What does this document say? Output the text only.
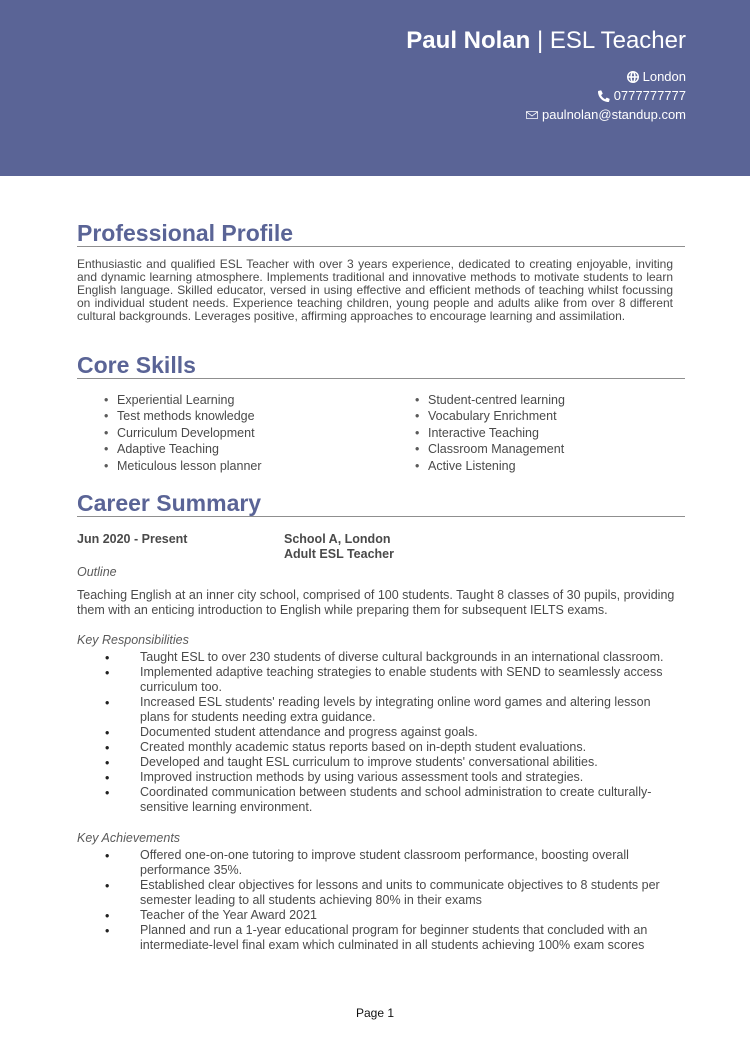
Paul Nolan | ESL Teacher
London
0777777777
paulnolan@standup.com
Professional Profile
Enthusiastic and qualified ESL Teacher with over 3 years experience, dedicated to creating enjoyable, inviting and dynamic learning atmosphere. Implements traditional and innovative methods to motivate students to learn English language. Skilled educator, versed in using effective and efficient methods of teaching whilst focussing on individual student needs. Experience teaching children, young people and adults alike from over 8 different cultural backgrounds. Leverages positive, affirming approaches to encourage learning and assimilation.
Core Skills
• Experiential Learning
• Test methods knowledge
• Curriculum Development
• Adaptive Teaching
• Meticulous lesson planner
• Student-centred learning
• Vocabulary Enrichment
• Interactive Teaching
• Classroom Management
• Active Listening
Career Summary
Jun 2020 - Present	School A, London
Adult ESL Teacher
Outline
Teaching English at an inner city school, comprised of 100 students. Taught 8 classes of 30 pupils, providing them with an enticing introduction to English while preparing them for subsequent IELTS exams.
Key Responsibilities
• Taught ESL to over 230 students of diverse cultural backgrounds in an international classroom.
• Implemented adaptive teaching strategies to enable students with SEND to seamlessly access curriculum too.
• Increased ESL students' reading levels by integrating online word games and altering lesson plans for students needing extra guidance.
• Documented student attendance and progress against goals.
• Created monthly academic status reports based on in-depth student evaluations.
• Developed and taught ESL curriculum to improve students' conversational abilities.
• Improved instruction methods by using various assessment tools and strategies.
• Coordinated communication between students and school administration to create culturally-sensitive learning environment.
Key Achievements
• Offered one-on-one tutoring to improve student classroom performance, boosting overall performance 35%.
• Established clear objectives for lessons and units to communicate objectives to 8 students per semester leading to all students achieving 80% in their exams
• Teacher of the Year Award 2021
• Planned and run a 1-year educational program for beginner students that concluded with an intermediate-level final exam which culminated in all students achieving 100% exam scores
Page 1
